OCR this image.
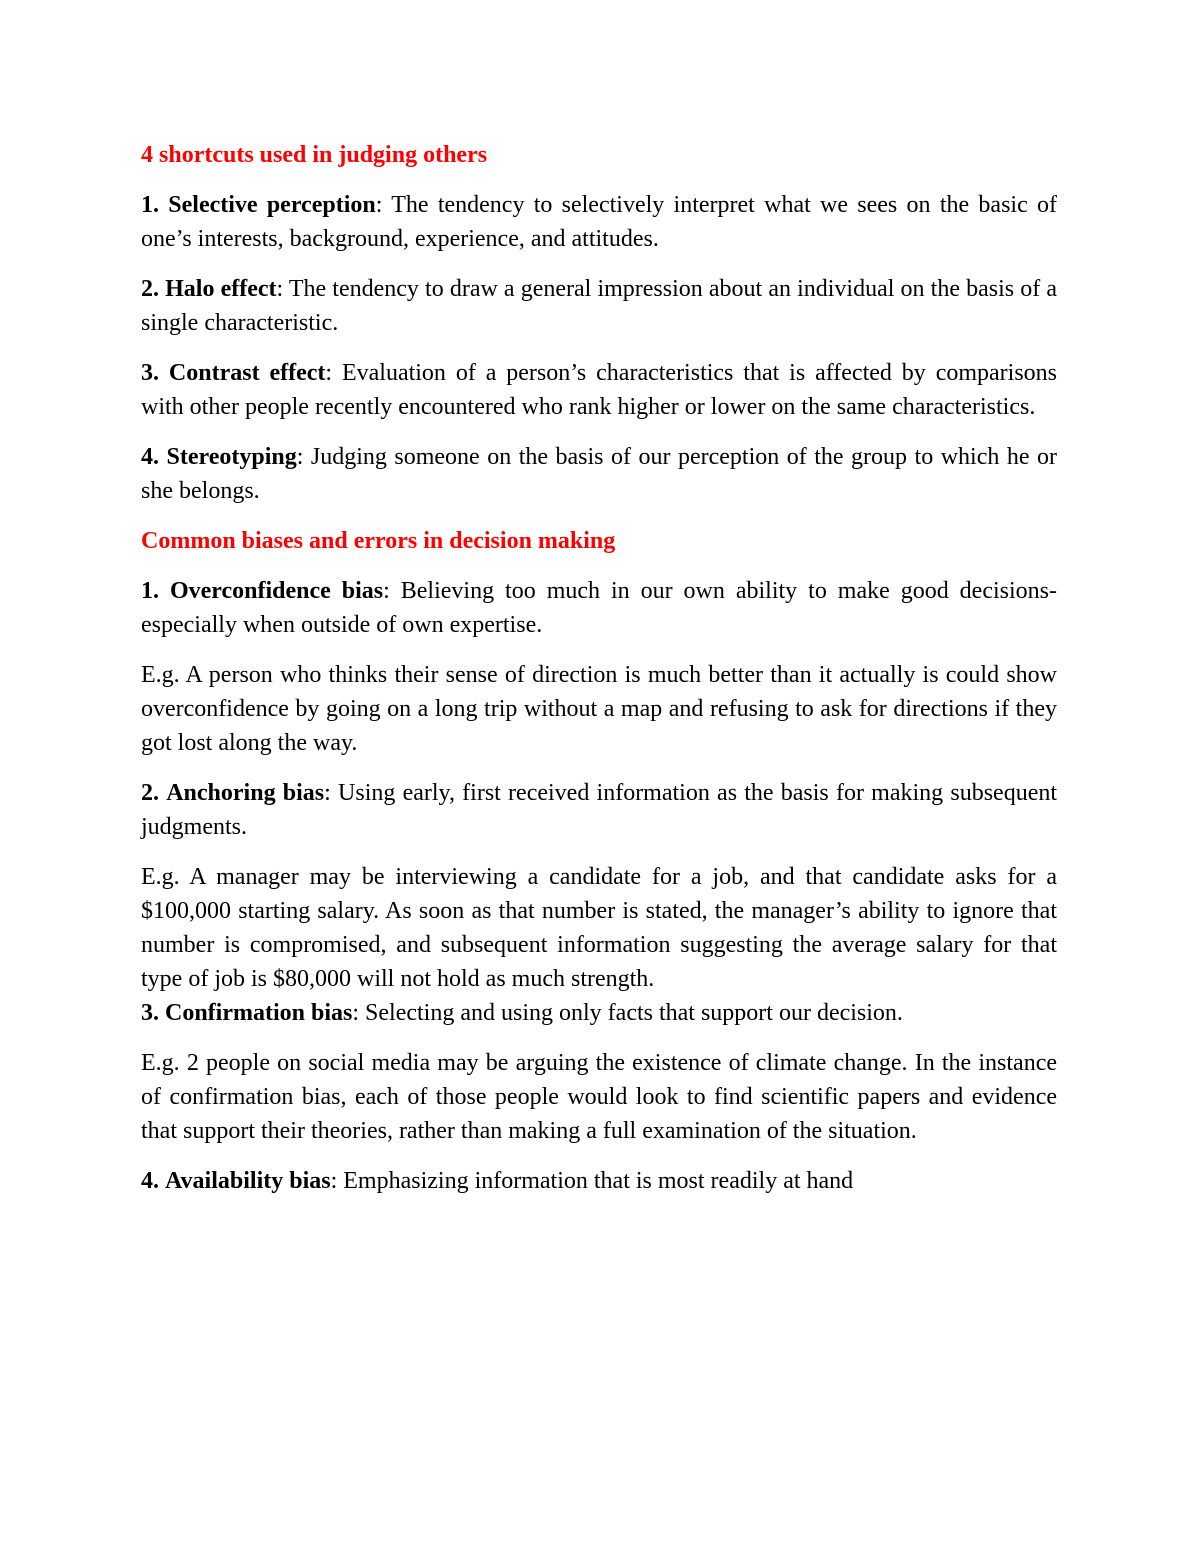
4 shortcuts used in judging others
1. Selective perception: The tendency to selectively interpret what we sees on the basic of one’s interests, background, experience, and attitudes.
2. Halo effect: The tendency to draw a general impression about an individual on the basis of a single characteristic.
3. Contrast effect: Evaluation of a person’s characteristics that is affected by comparisons with other people recently encountered who rank higher or lower on the same characteristics.
4. Stereotyping: Judging someone on the basis of our perception of the group to which he or she belongs.
Common biases and errors in decision making
1. Overconfidence bias: Believing too much in our own ability to make good decisions- especially when outside of own expertise.
E.g. A person who thinks their sense of direction is much better than it actually is could show overconfidence by going on a long trip without a map and refusing to ask for directions if they got lost along the way.
2. Anchoring bias: Using early, first received information as the basis for making subsequent judgments.
E.g. A manager may be interviewing a candidate for a job, and that candidate asks for a $100,000 starting salary. As soon as that number is stated, the manager’s ability to ignore that number is compromised, and subsequent information suggesting the average salary for that type of job is $80,000 will not hold as much strength.
3. Confirmation bias: Selecting and using only facts that support our decision.
E.g. 2 people on social media may be arguing the existence of climate change. In the instance of confirmation bias, each of those people would look to find scientific papers and evidence that support their theories, rather than making a full examination of the situation.
4. Availability bias: Emphasizing information that is most readily at hand
